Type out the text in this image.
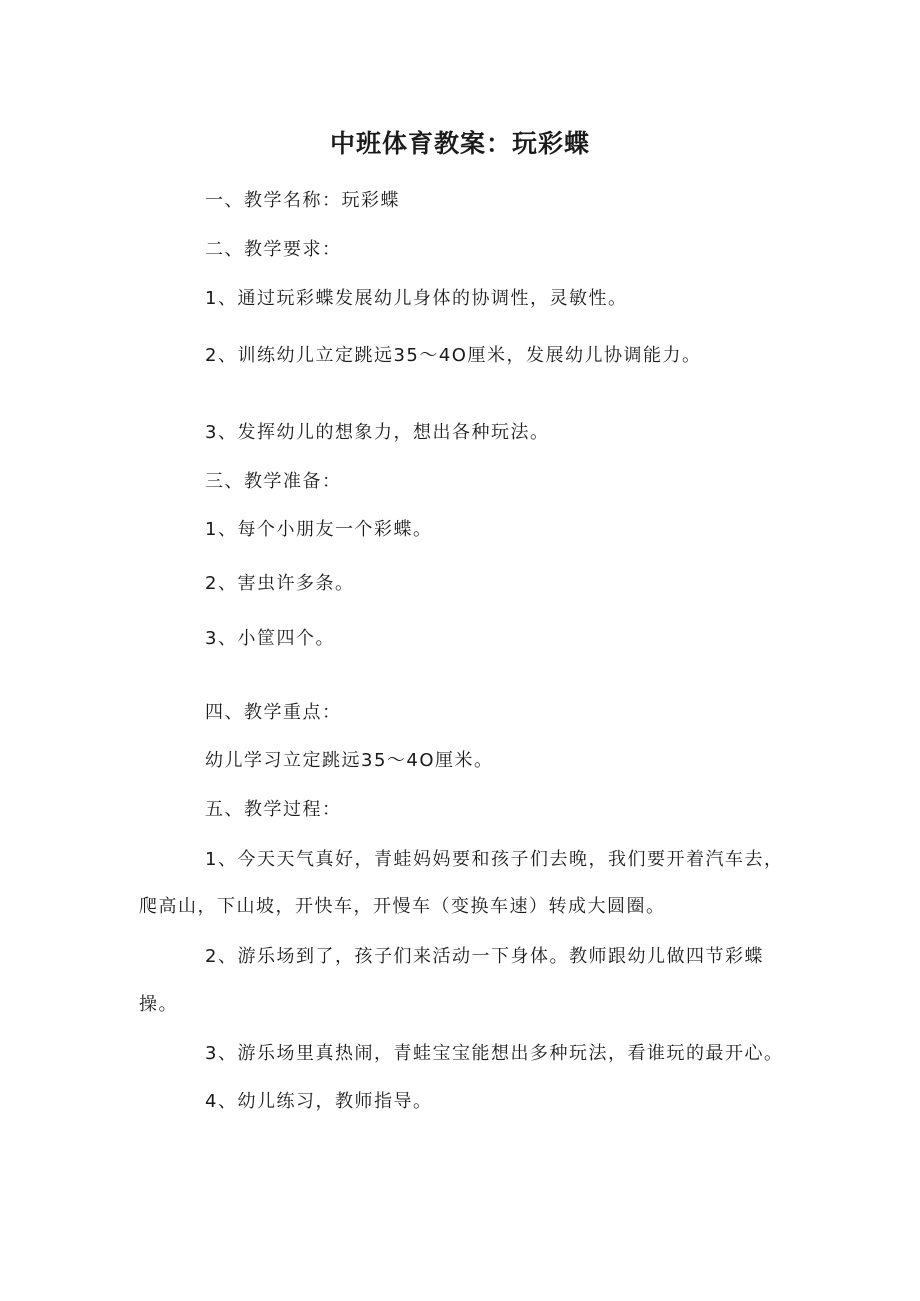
中班体育教案：玩彩蝶
一、教学名称：玩彩蝶
二、教学要求：
1、通过玩彩蝶发展幼儿身体的协调性，灵敏性。
2、训练幼儿立定跳远35～4O厘米，发展幼儿协调能力。
3、发挥幼儿的想象力，想出各种玩法。
三、教学准备：
1、每个小朋友一个彩蝶。
2、害虫许多条。
3、小筐四个。
四、教学重点：
幼儿学习立定跳远35～4O厘米。
五、教学过程：
1、今天天气真好，青蛙妈妈要和孩子们去晚，我们要开着汽车去，
爬高山，下山坡，开快车，开慢车（变换车速）转成大圆圈。
2、游乐场到了，孩子们来活动一下身体。教师跟幼儿做四节彩蝶
操。
3、游乐场里真热闹，青蛙宝宝能想出多种玩法，看谁玩的最开心。
4、幼儿练习，教师指导。
